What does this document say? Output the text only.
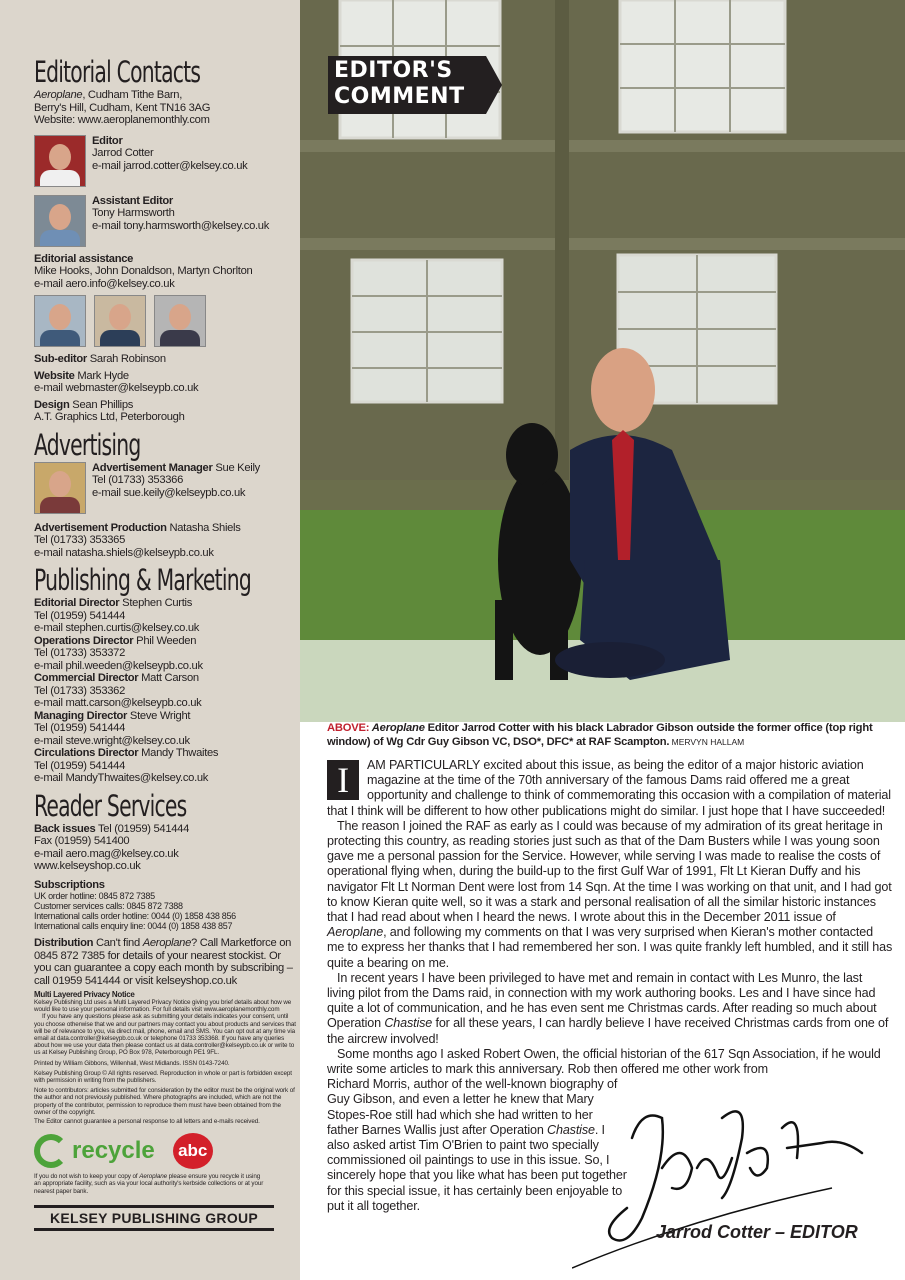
Editorial Contacts
Aeroplane, Cudham Tithe Barn,
Berry's Hill, Cudham, Kent TN16 3AG
Website: www.aeroplanemonthly.com
Editor
Jarrod Cotter
e-mail jarrod.cotter@kelsey.co.uk
Assistant Editor
Tony Harmsworth
e-mail tony.harmsworth@kelsey.co.uk
Editorial assistance
Mike Hooks, John Donaldson, Martyn Chorlton
e-mail aero.info@kelsey.co.uk
Sub-editor Sarah Robinson
Website Mark Hyde
e-mail webmaster@kelseypb.co.uk
Design Sean Phillips
A.T. Graphics Ltd, Peterborough
Advertising
Advertisement Manager Sue Keily
Tel (01733) 353366
e-mail sue.keily@kelseypb.co.uk
Advertisement Production Natasha Shiels
Tel (01733) 353365
e-mail natasha.shiels@kelseypb.co.uk
Publishing & Marketing
Editorial Director Stephen Curtis
Tel (01959) 541444
e-mail stephen.curtis@kelsey.co.uk
Operations Director Phil Weeden
Tel (01733) 353372
e-mail phil.weeden@kelseypb.co.uk
Commercial Director Matt Carson
Tel (01733) 353362
e-mail matt.carson@kelseypb.co.uk
Managing Director Steve Wright
Tel (01959) 541444
e-mail steve.wright@kelsey.co.uk
Circulations Director Mandy Thwaites
Tel (01959) 541444
e-mail MandyThwaites@kelsey.co.uk
Reader Services
Back issues Tel (01959) 541444
Fax (01959) 541400
e-mail aero.mag@kelsey.co.uk
www.kelseyshop.co.uk
Subscriptions
UK order hotline: 0845 872 7385
Customer services calls: 0845 872 7388
International calls order hotline: 0044 (0) 1858 438 856
International calls enquiry line: 0044 (0) 1858 438 857
Distribution Can't find Aeroplane? Call Marketforce on 0845 872 7385 for details of your nearest stockist. Or you can guarantee a copy each month by subscribing – call 01959 541444 or visit kelseyshop.co.uk
Multi Layered Privacy Notice
Kelsey Publishing Ltd uses a Multi Layered Privacy Notice giving you brief details about how we would like to use your personal information. For full details visit www.aeroplanemonthly.com
If you have any questions please ask as submitting your details indicates your consent, until you choose otherwise that we and our partners may contact you about products and services that will be of relevance to you, via direct mail, phone, email and SMS. You can opt out at any time via email at data.controller@kelseypb.co.uk or telephone 01733 353368. If you have any queries about how we use your data then please contact us at data.controller@kelseypb.co.uk or write to us at Kelsey Publishing Group, PO Box 978, Peterborough PE1 9FL.
Printed by William Gibbons, Willenhall, West Midlands. ISSN 0143-7240.
Kelsey Publishing Group © All rights reserved. Reproduction in whole or part is forbidden except with permission in writing from the publishers.
Note to contributors: articles submitted for consideration by the editor must be the original work of the author and not previously published. Where photographs are included, which are not the property of the contributor, permission to reproduce them must have been obtained from the owner of the copyright.
The Editor cannot guarantee a personal response to all letters and e-mails received.
recycle	abc
If you do not wish to keep your copy of Aeroplane please ensure you recycle it using an appropriate facility, such as via your local authority's kerbside collections or at your nearest paper bank.
KELSEY PUBLISHING GROUP
EDITOR'S
COMMENT
ABOVE: Aeroplane Editor Jarrod Cotter with his black Labrador Gibson outside the former office (top right window) of Wg Cdr Guy Gibson VC, DSO*, DFC* at RAF Scampton. MERVYN HALLAM

I	AM PARTICULARLY excited about this issue, as being the editor of a major historic aviation magazine at the time of the 70th anniversary of the famous Dams raid offered me a great opportunity and challenge to think of commemorating this occasion with a compilation of material that I think will be different to how other publications might do similar. I just hope that I have succeeded!

The reason I joined the RAF as early as I could was because of my admiration of its great heritage in protecting this country, as reading stories just such as that of the Dam Busters while I was young soon gave me a personal passion for the Service. However, while serving I was made to realise the costs of operational flying when, during the build-up to the first Gulf War of 1991, Flt Lt Kieran Duffy and his navigator Flt Lt Norman Dent were lost from 14 Sqn. At the time I was working on that unit, and I had got to know Kieran quite well, so it was a stark and personal realisation of all the similar historic instances that I had read about when I heard the news. I wrote about this in the December 2011 issue of Aeroplane, and following my comments on that I was very surprised when Kieran's mother contacted me to express her thanks that I had remembered her son. I was quite frankly left humbled, and it still has quite a bearing on me.

In recent years I have been privileged to have met and remain in contact with Les Munro, the last living pilot from the Dams raid, in connection with my work authoring books. Les and I have since had quite a lot of communication, and he has even sent me Christmas cards. After reading so much about Operation Chastise for all these years, I can hardly believe I have received Christmas cards from one of the aircrew involved!

Some months ago I asked Robert Owen, the official historian of the 617 Sqn Association, if he would write some articles to mark this anniversary. Rob then offered me other work from

Richard Morris, author of the well-known biography of Guy Gibson, and even a letter he knew that Mary Stopes-Roe still had which she had written to her father Barnes Wallis just after Operation Chastise. I also asked artist Tim O'Brien to paint two specially commissioned oil paintings to use in this issue. So, I sincerely hope that you like what has been put together for this special issue, it has certainly been enjoyable to put it all together.
Jarrod Cotter – EDITOR
